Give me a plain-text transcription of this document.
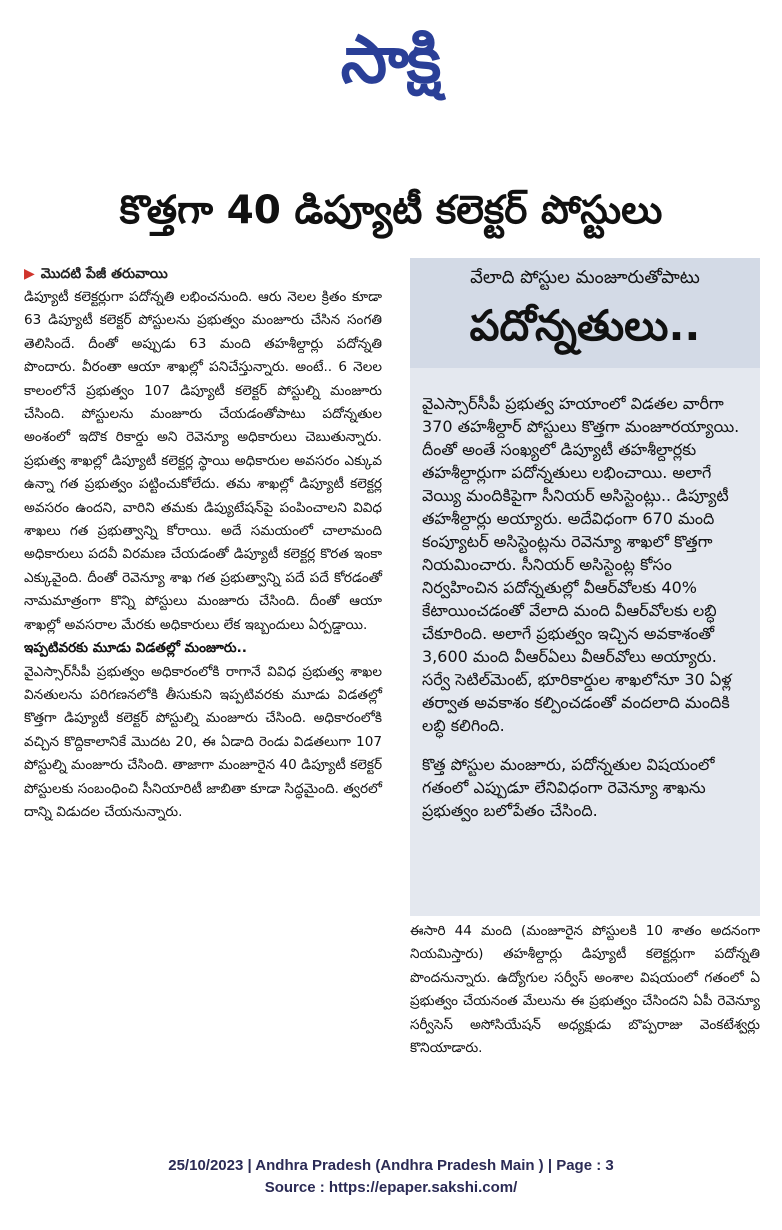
సాక్షి
కొత్తగా 40 డిప్యూటీ కలెక్టర్‌ పోస్టులు
▶ మొదటి పేజీ తరువాయి

డిప్యూటీ కలెక్టర్లుగా పదోన్నతి లభించనుంది. ఆరు నెలల క్రితం కూడా 63 డిప్యూటీ కలెక్టర్‌ పోస్టులను ప్రభుత్వం మంజూరు చేసిన సంగతి తెలిసిందే. దీంతో అప్పుడు 63 మంది తహశీల్దార్లు పదోన్నతి పొందారు. వీరంతా ఆయా శాఖల్లో పనిచేస్తున్నారు. అంటే.. 6 నెలల కాలంలోనే ప్రభుత్వం 107 డిప్యూటీ కలెక్టర్‌ పోస్టుల్ని మంజూరు చేసింది. పోస్టులను మంజూరు చేయడంతోపాటు పదోన్నతుల అంశంలో ఇదొక రికార్డు అని రెవెన్యూ అధికారులు చెబుతున్నారు. ప్రభుత్వ శాఖల్లో డిప్యూటీ కలెక్టర్ల స్థాయి అధికారుల అవసరం ఎక్కువ ఉన్నా గత ప్రభుత్వం పట్టించుకోలేదు. తమ శాఖల్లో డిప్యూటీ కలెక్టర్ల అవసరం ఉందని, వారిని తమకు డిప్యుటేషన్‌పై పంపించాలని వివిధ శాఖలు గత ప్రభుత్వాన్ని కోరాయి. అదే సమయంలో చాలామంది అధికారులు పదవీ విరమణ చేయడంతో డిప్యూటీ కలెక్టర్ల కొరత ఇంకా ఎక్కువైంది. దీంతో రెవెన్యూ శాఖ గత ప్రభుత్వాన్ని పదే పదే కోరడంతో నామమాత్రంగా కొన్ని పోస్టులు మంజూరు చేసింది. దీంతో ఆయా శాఖల్లో అవసరాల మేరకు అధికారులు లేక ఇబ్బందులు ఏర్పడ్డాయి.

ఇప్పటివరకు మూడు విడతల్లో మంజూరు..

వైఎస్సార్‌సీపీ ప్రభుత్వం అధికారంలోకి రాగానే వివిధ ప్రభుత్వ శాఖల వినతులను పరిగణనలోకి తీసుకుని ఇప్పటివరకు మూడు విడతల్లో కొత్తగా డిప్యూటీ కలెక్టర్‌ పోస్టుల్ని మంజూరు చేసింది. అధికారంలోకి వచ్చిన కొద్దికాలానికే మొదట 20, ఈ ఏడాది రెండు విడతలుగా 107 పోస్టుల్ని మంజూరు చేసింది. తాజాగా మంజూరైన 40 డిప్యూటీ కలెక్టర్‌ పోస్టులకు సంబంధించి సీనియారిటీ జాబితా కూడా సిద్ధమైంది. త్వరలో దాన్ని విడుదల చేయనున్నారు.

వేలాది పోస్టుల మంజూరుతోపాటు
పదోన్నతులు..

వైఎస్సార్‌సీపీ ప్రభుత్వ హయాంలో విడతల వారీగా 370 తహశీల్దార్‌ పోస్టులు కొత్తగా మంజూరయ్యాయి. దీంతో అంతే సంఖ్యలో డిప్యూటీ తహశీల్దార్లకు తహశీల్దార్లుగా పదోన్నతులు లభించాయి. అలాగే వెయ్యి మందికిపైగా సీనియర్‌ అసిస్టెంట్లు.. డిప్యూటీ తహశీల్దార్లు అయ్యారు. అదేవిధంగా 670 మంది కంప్యూటర్‌ అసిస్టెంట్లను రెవెన్యూ శాఖలో కొత్తగా నియమించారు. సీనియర్‌ అసిస్టెంట్ల కోసం నిర్వహించిన పదోన్నతుల్లో వీఆర్‌వోలకు 40% కేటాయించడంతో వేలాది మంది వీఆర్‌వోలకు లబ్ధి చేకూరింది. అలాగే ప్రభుత్వం ఇచ్చిన అవకాశంతో 3,600 మంది వీఆర్‌ఏలు వీఆర్‌వోలు అయ్యారు. సర్వే సెటిల్‌మెంట్, భూరికార్డుల శాఖలోనూ 30 ఏళ్ల తర్వాత అవకాశం కల్పించడంతో వందలాది మందికి లబ్ధి కలిగింది.

కొత్త పోస్టుల మంజూరు, పదోన్నతుల విషయంలో గతంలో ఎప్పుడూ లేనివిధంగా రెవెన్యూ శాఖను ప్రభుత్వం బలోపేతం చేసింది.

ఈసారి 44 మంది (మంజూరైన పోస్టులకి 10 శాతం అదనంగా నియమిస్తారు) తహశీల్దార్లు డిప్యూటీ కలెక్టర్లుగా పదోన్నతి పొందనున్నారు. ఉద్యోగుల సర్వీస్‌ అంశాల విషయంలో గతంలో ఏ ప్రభుత్వం చేయనంత మేలును ఈ ప్రభుత్వం చేసిందని ఏపీ రెవెన్యూ సర్వీసెస్‌ అసోసియేషన్‌ అధ్యక్షుడు బొప్పరాజు వెంకటేశ్వర్లు కొనియాడారు.

25/10/2023 | Andhra Pradesh (Andhra Pradesh Main ) | Page : 3
Source : https://epaper.sakshi.com/
